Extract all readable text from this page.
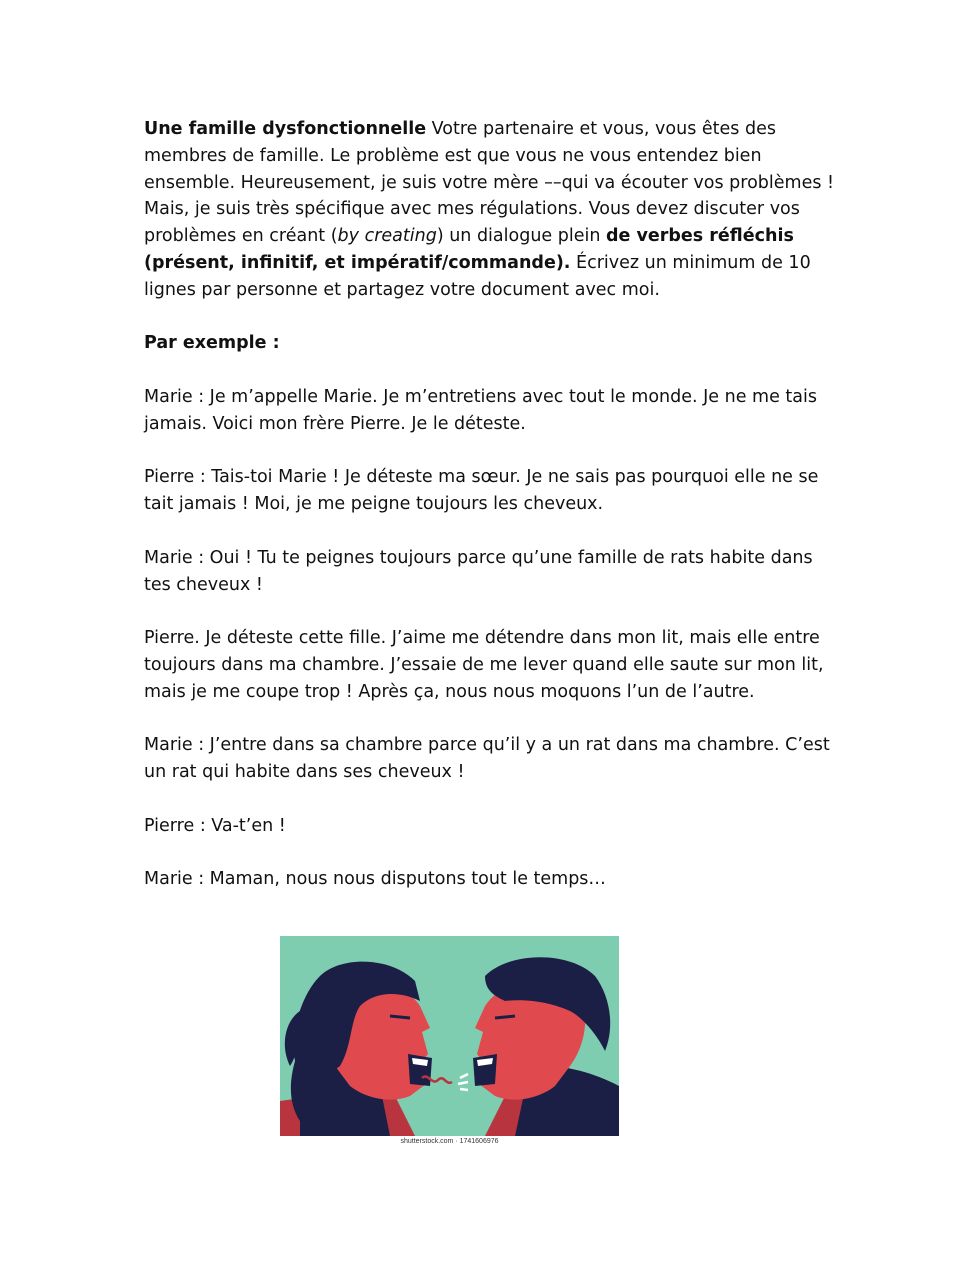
Une famille dysfonctionnelle Votre partenaire et vous, vous êtes des membres de famille. Le problème est que vous ne vous entendez bien ensemble. Heureusement, je suis votre mère ––qui va écouter vos problèmes ! Mais, je suis très spécifique avec mes régulations. Vous devez discuter vos problèmes en créant (by creating) un dialogue plein de verbes réfléchis (présent, infinitif, et impératif/commande). Écrivez un minimum de 10 lignes par personne et partagez votre document avec moi.

Par exemple :

Marie : Je m’appelle Marie. Je m’entretiens avec tout le monde. Je ne me tais jamais. Voici mon frère Pierre. Je le déteste.

Pierre : Tais-toi Marie ! Je déteste ma sœur. Je ne sais pas pourquoi elle ne se tait jamais ! Moi, je me peigne toujours les cheveux.

Marie : Oui ! Tu te peignes toujours parce qu’une famille de rats habite dans tes cheveux !

Pierre. Je déteste cette fille. J’aime me détendre dans mon lit, mais elle entre toujours dans ma chambre. J’essaie de me lever quand elle saute sur mon lit, mais je me coupe trop ! Après ça, nous nous moquons l’un de l’autre.

Marie : J’entre dans sa chambre parce qu’il y a un rat dans ma chambre. C’est un rat qui habite dans ses cheveux !

Pierre : Va-t’en !

Marie : Maman, nous nous disputons tout le temps…

shutterstock.com · 1741606976
